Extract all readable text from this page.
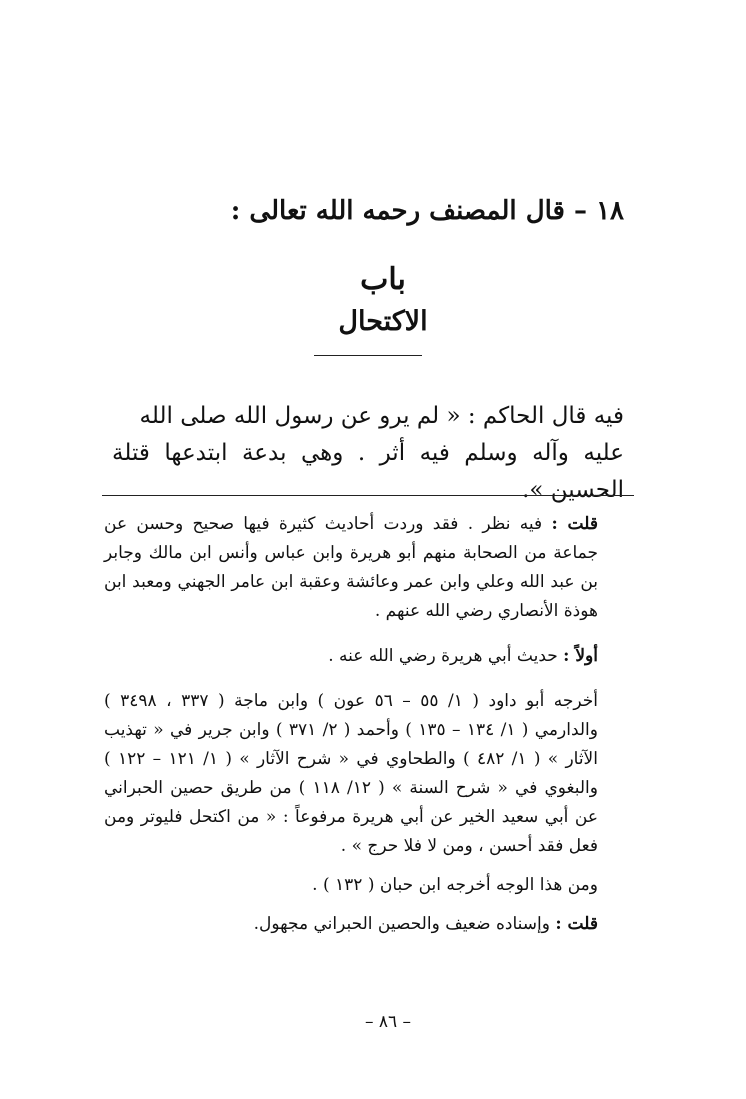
١٨ – قال المصنف رحمه الله تعالى :
باب
الاكتحال

فيه قال الحاكم : « لم يرو عن رسول الله صلى الله

عليه وآله وسلم فيه أثر . وهي بدعة ابتدعها قتلة الحسين ».

قلت : فيه نظر . فقد وردت أحاديث كثيرة فيها صحيح وحسن عن جماعة من الصحابة منهم أبو هريرة وابن عباس وأنس ابن مالك وجابر بن عبد الله وعلي وابن عمر وعائشة وعقبة ابن عامر الجهني ومعبد ابن هوذة الأنصاري رضي الله عنهم .

أولاً : حديث أبي هريرة رضي الله عنه .

أخرجه أبو داود ( ١/ ٥٥ – ٥٦ عون ) وابن ماجة ( ٣٣٧ ، ٣٤٩٨ ) والدارمي ( ١/ ١٣٤ – ١٣٥ ) وأحمد ( ٢/ ٣٧١ ) وابن جرير في « تهذيب الآثار » ( ١/ ٤٨٢ ) والطحاوي في « شرح الآثار » ( ١/ ١٢١ – ١٢٢ ) والبغوي في « شرح السنة » ( ١٢/ ١١٨ ) من طريق حصين الحبراني عن أبي سعيد الخير عن أبي هريرة مرفوعاً : « من اكتحل فليوتر ومن فعل فقد أحسن ، ومن لا فلا حرج » .

ومن هذا الوجه أخرجه ابن حبان ( ١٣٢ ) .

قلت : وإسناده ضعيف والحصين الحبراني مجهول.

– ٨٦ –
